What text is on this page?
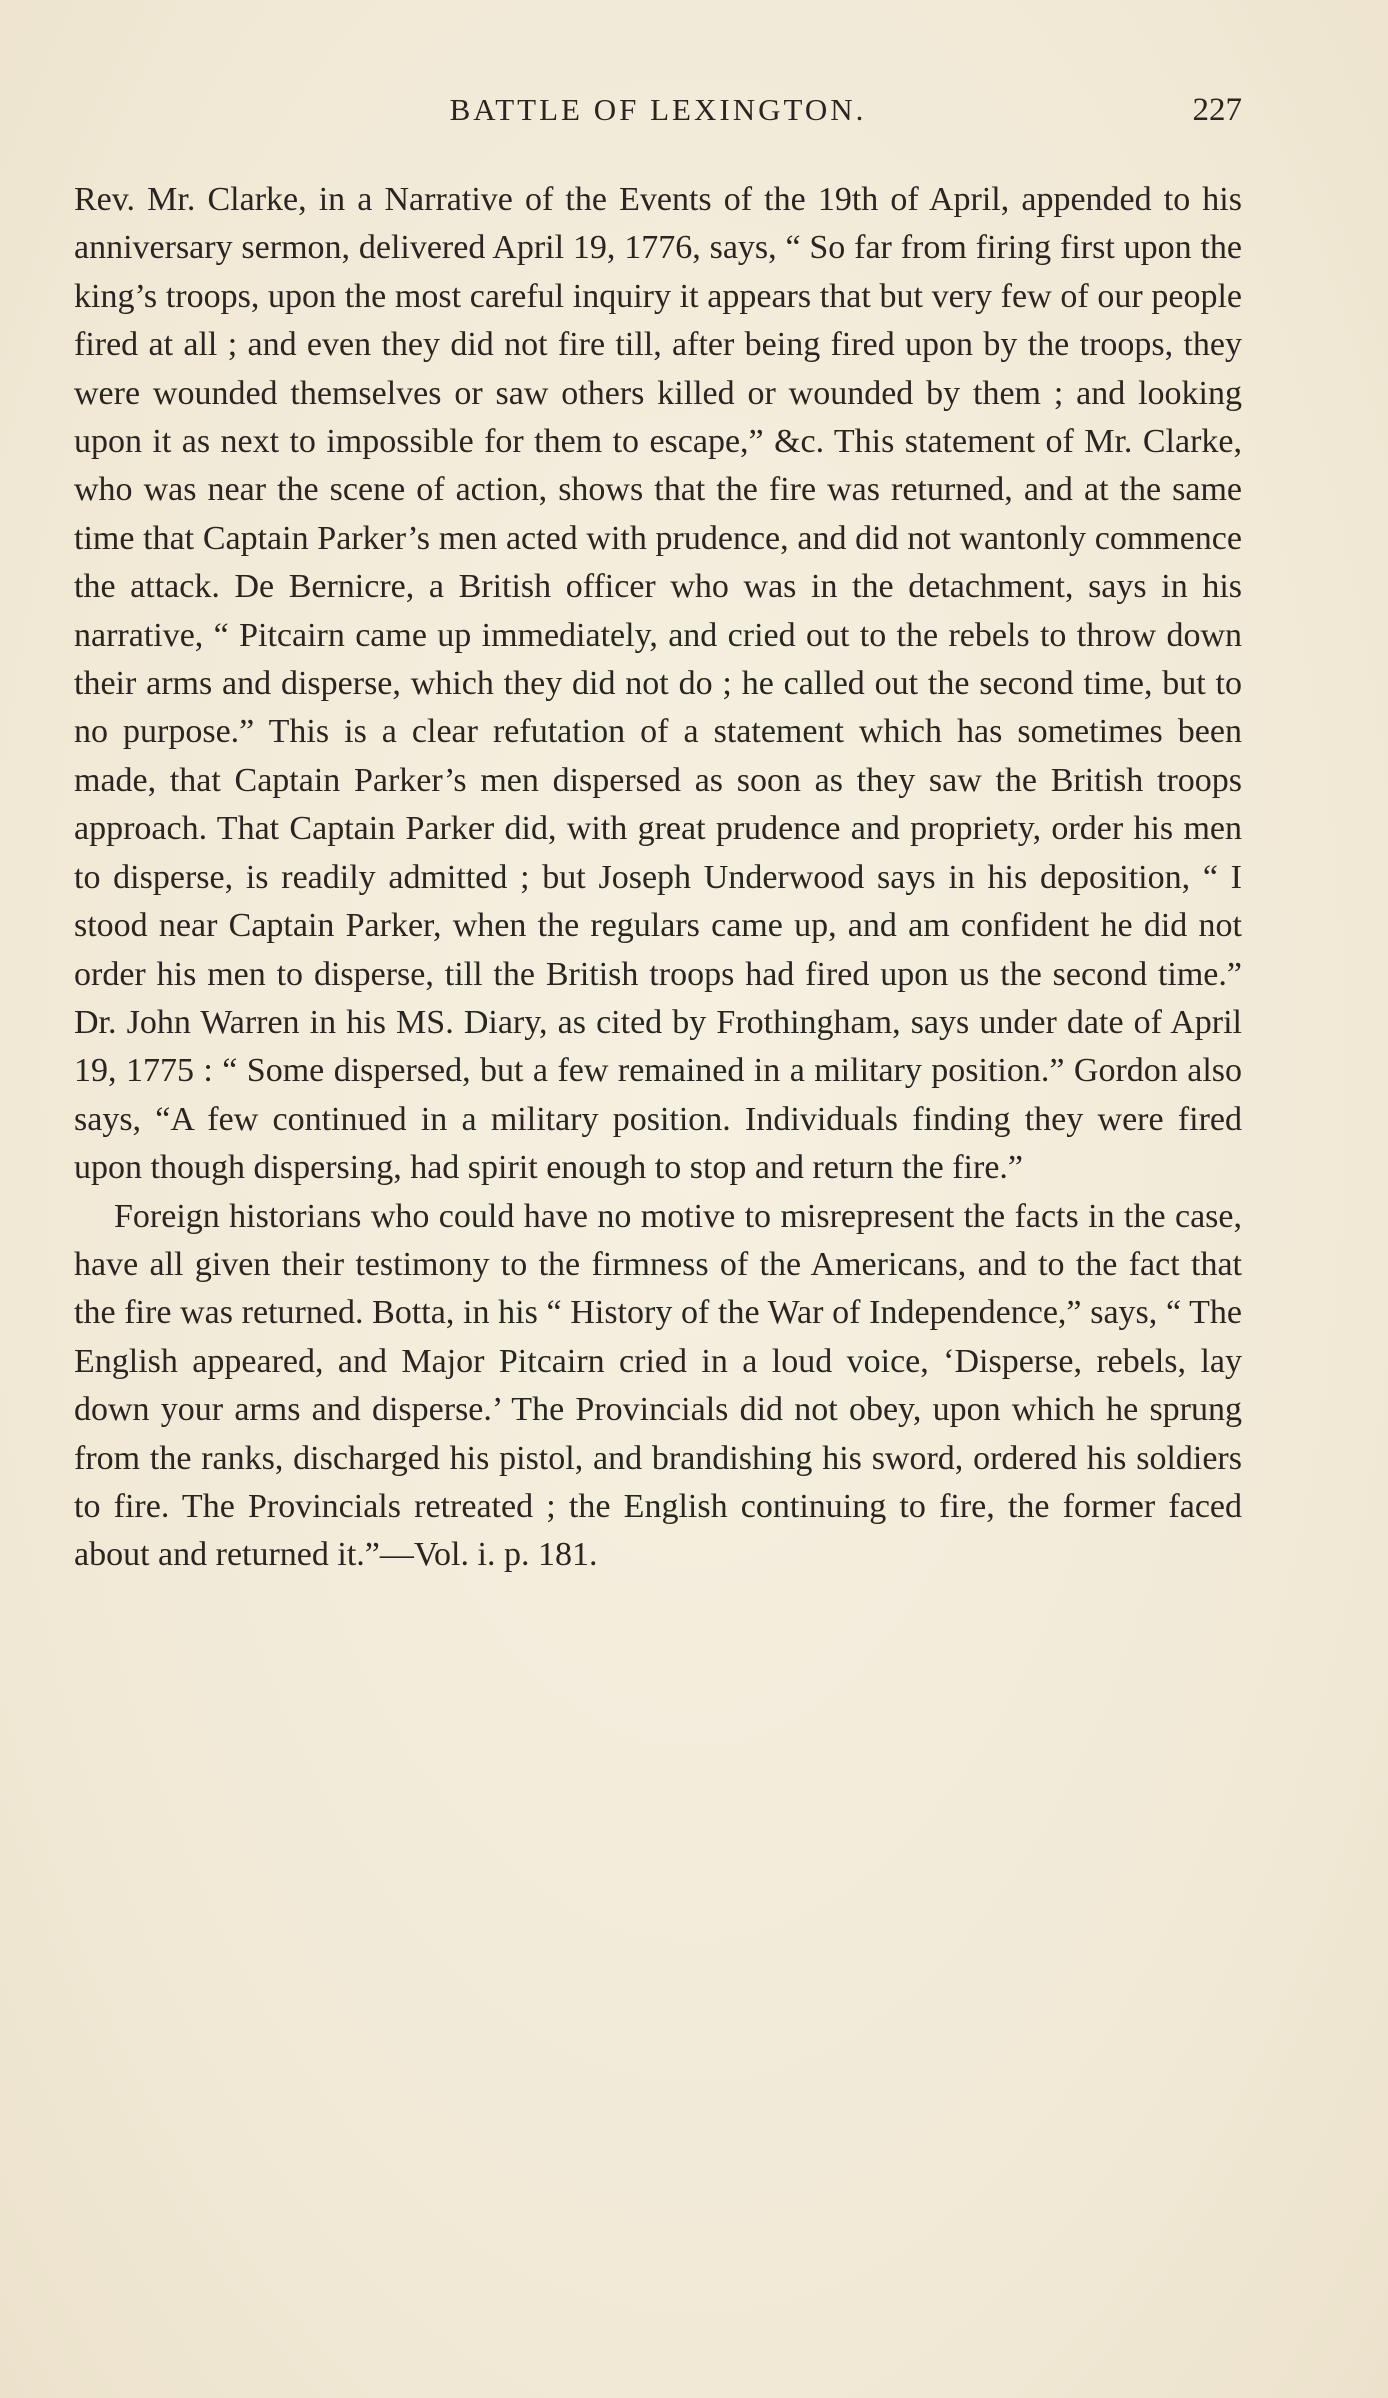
BATTLE OF LEXINGTON.	227

Rev. Mr. Clarke, in a Narrative of the Events of the 19th of April, appended to his anniversary sermon, delivered April 19, 1776, says, “ So far from firing first upon the king’s troops, upon the most careful inquiry it appears that but very few of our people fired at all ; and even they did not fire till, after being fired upon by the troops, they were wounded themselves or saw others killed or wounded by them ; and looking upon it as next to impossible for them to escape,” &c. This statement of Mr. Clarke, who was near the scene of action, shows that the fire was returned, and at the same time that Captain Parker’s men acted with prudence, and did not wantonly commence the attack. De Bernicre, a British officer who was in the detachment, says in his narrative, “ Pitcairn came up immediately, and cried out to the rebels to throw down their arms and disperse, which they did not do ; he called out the second time, but to no purpose.” This is a clear refutation of a statement which has sometimes been made, that Captain Parker’s men dispersed as soon as they saw the British troops approach. That Captain Parker did, with great prudence and propriety, order his men to disperse, is readily admitted ; but Joseph Underwood says in his deposition, “ I stood near Captain Parker, when the regulars came up, and am confident he did not order his men to disperse, till the British troops had fired upon us the second time.” Dr. John Warren in his MS. Diary, as cited by Frothingham, says under date of April 19, 1775 : “ Some dispersed, but a few remained in a military position.” Gordon also says, “A few continued in a military position. Individuals finding they were fired upon though dispersing, had spirit enough to stop and return the fire.”

Foreign historians who could have no motive to misrepresent the facts in the case, have all given their testimony to the firmness of the Americans, and to the fact that the fire was returned. Botta, in his “ History of the War of Independence,” says, “ The English appeared, and Major Pitcairn cried in a loud voice, ‘Disperse, rebels, lay down your arms and disperse.’ The Provincials did not obey, upon which he sprung from the ranks, discharged his pistol, and brandishing his sword, ordered his soldiers to fire. The Provincials retreated ; the English continuing to fire, the former faced about and returned it.”—Vol. i. p. 181.
